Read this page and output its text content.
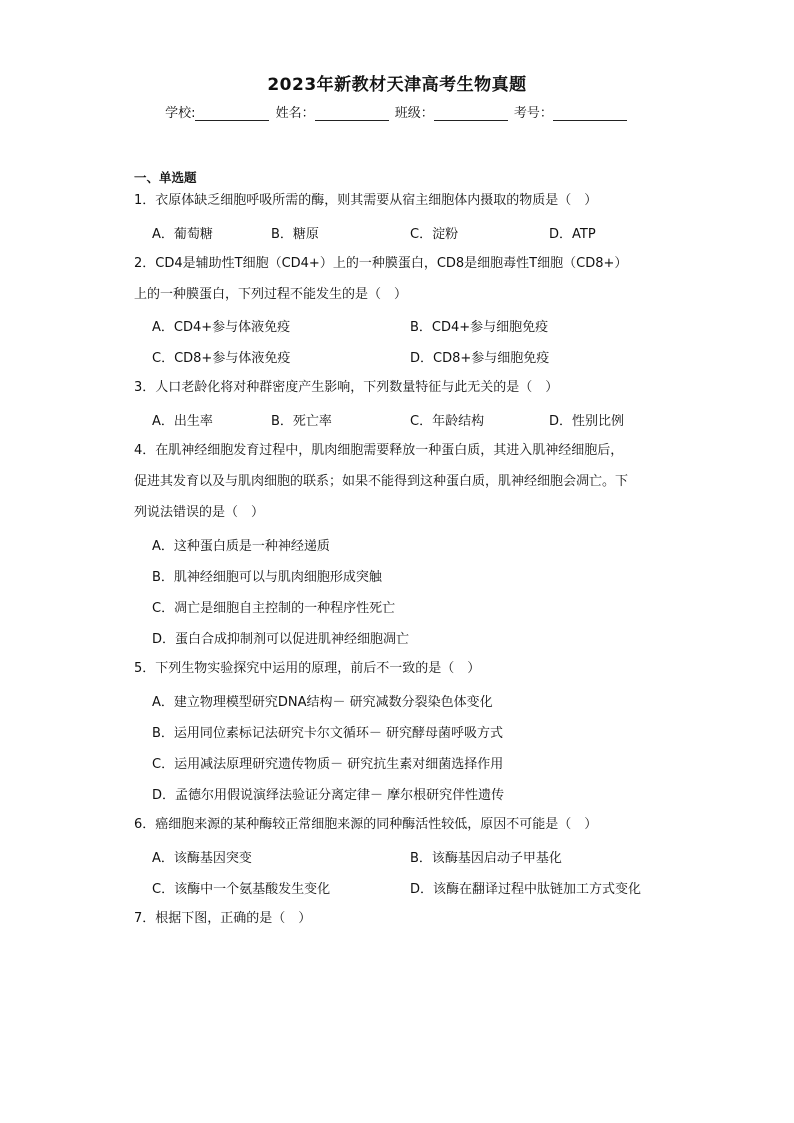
2023年新教材天津高考生物真题
学校:	姓名：	班级：	考号：
一、单选题
1．衣原体缺乏细胞呼吸所需的酶，则其需要从宿主细胞体内摄取的物质是（　）
A．葡萄糖	B．糖原	C．淀粉	D．ATP
2．CD4是辅助性T细胞（CD4+）上的一种膜蛋白，CD8是细胞毒性T细胞（CD8+）
上的一种膜蛋白，下列过程不能发生的是（　）
A．CD4+参与体液免疫	B．CD4+参与细胞免疫
C．CD8+参与体液免疫	D．CD8+参与细胞免疫
3．人口老龄化将对种群密度产生影响，下列数量特征与此无关的是（　）
A．出生率	B．死亡率	C．年龄结构	D．性别比例
4．在肌神经细胞发育过程中，肌肉细胞需要释放一种蛋白质，其进入肌神经细胞后，
促进其发育以及与肌肉细胞的联系；如果不能得到这种蛋白质，肌神经细胞会凋亡。下
列说法错误的是（　）
A．这种蛋白质是一种神经递质
B．肌神经细胞可以与肌肉细胞形成突触
C．凋亡是细胞自主控制的一种程序性死亡
D．蛋白合成抑制剂可以促进肌神经细胞凋亡
5．下列生物实验探究中运用的原理，前后不一致的是（　）
A．建立物理模型研究DNA结构－ 研究减数分裂染色体变化
B．运用同位素标记法研究卡尔文循环－ 研究酵母菌呼吸方式
C．运用减法原理研究遗传物质－ 研究抗生素对细菌选择作用
D．孟德尔用假说演绎法验证分离定律－ 摩尔根研究伴性遗传
6．癌细胞来源的某种酶较正常细胞来源的同种酶活性较低，原因不可能是（　）
A．该酶基因突变	B．该酶基因启动子甲基化
C．该酶中一个氨基酸发生变化	D．该酶在翻译过程中肽链加工方式变化
7．根据下图，正确的是（　）
